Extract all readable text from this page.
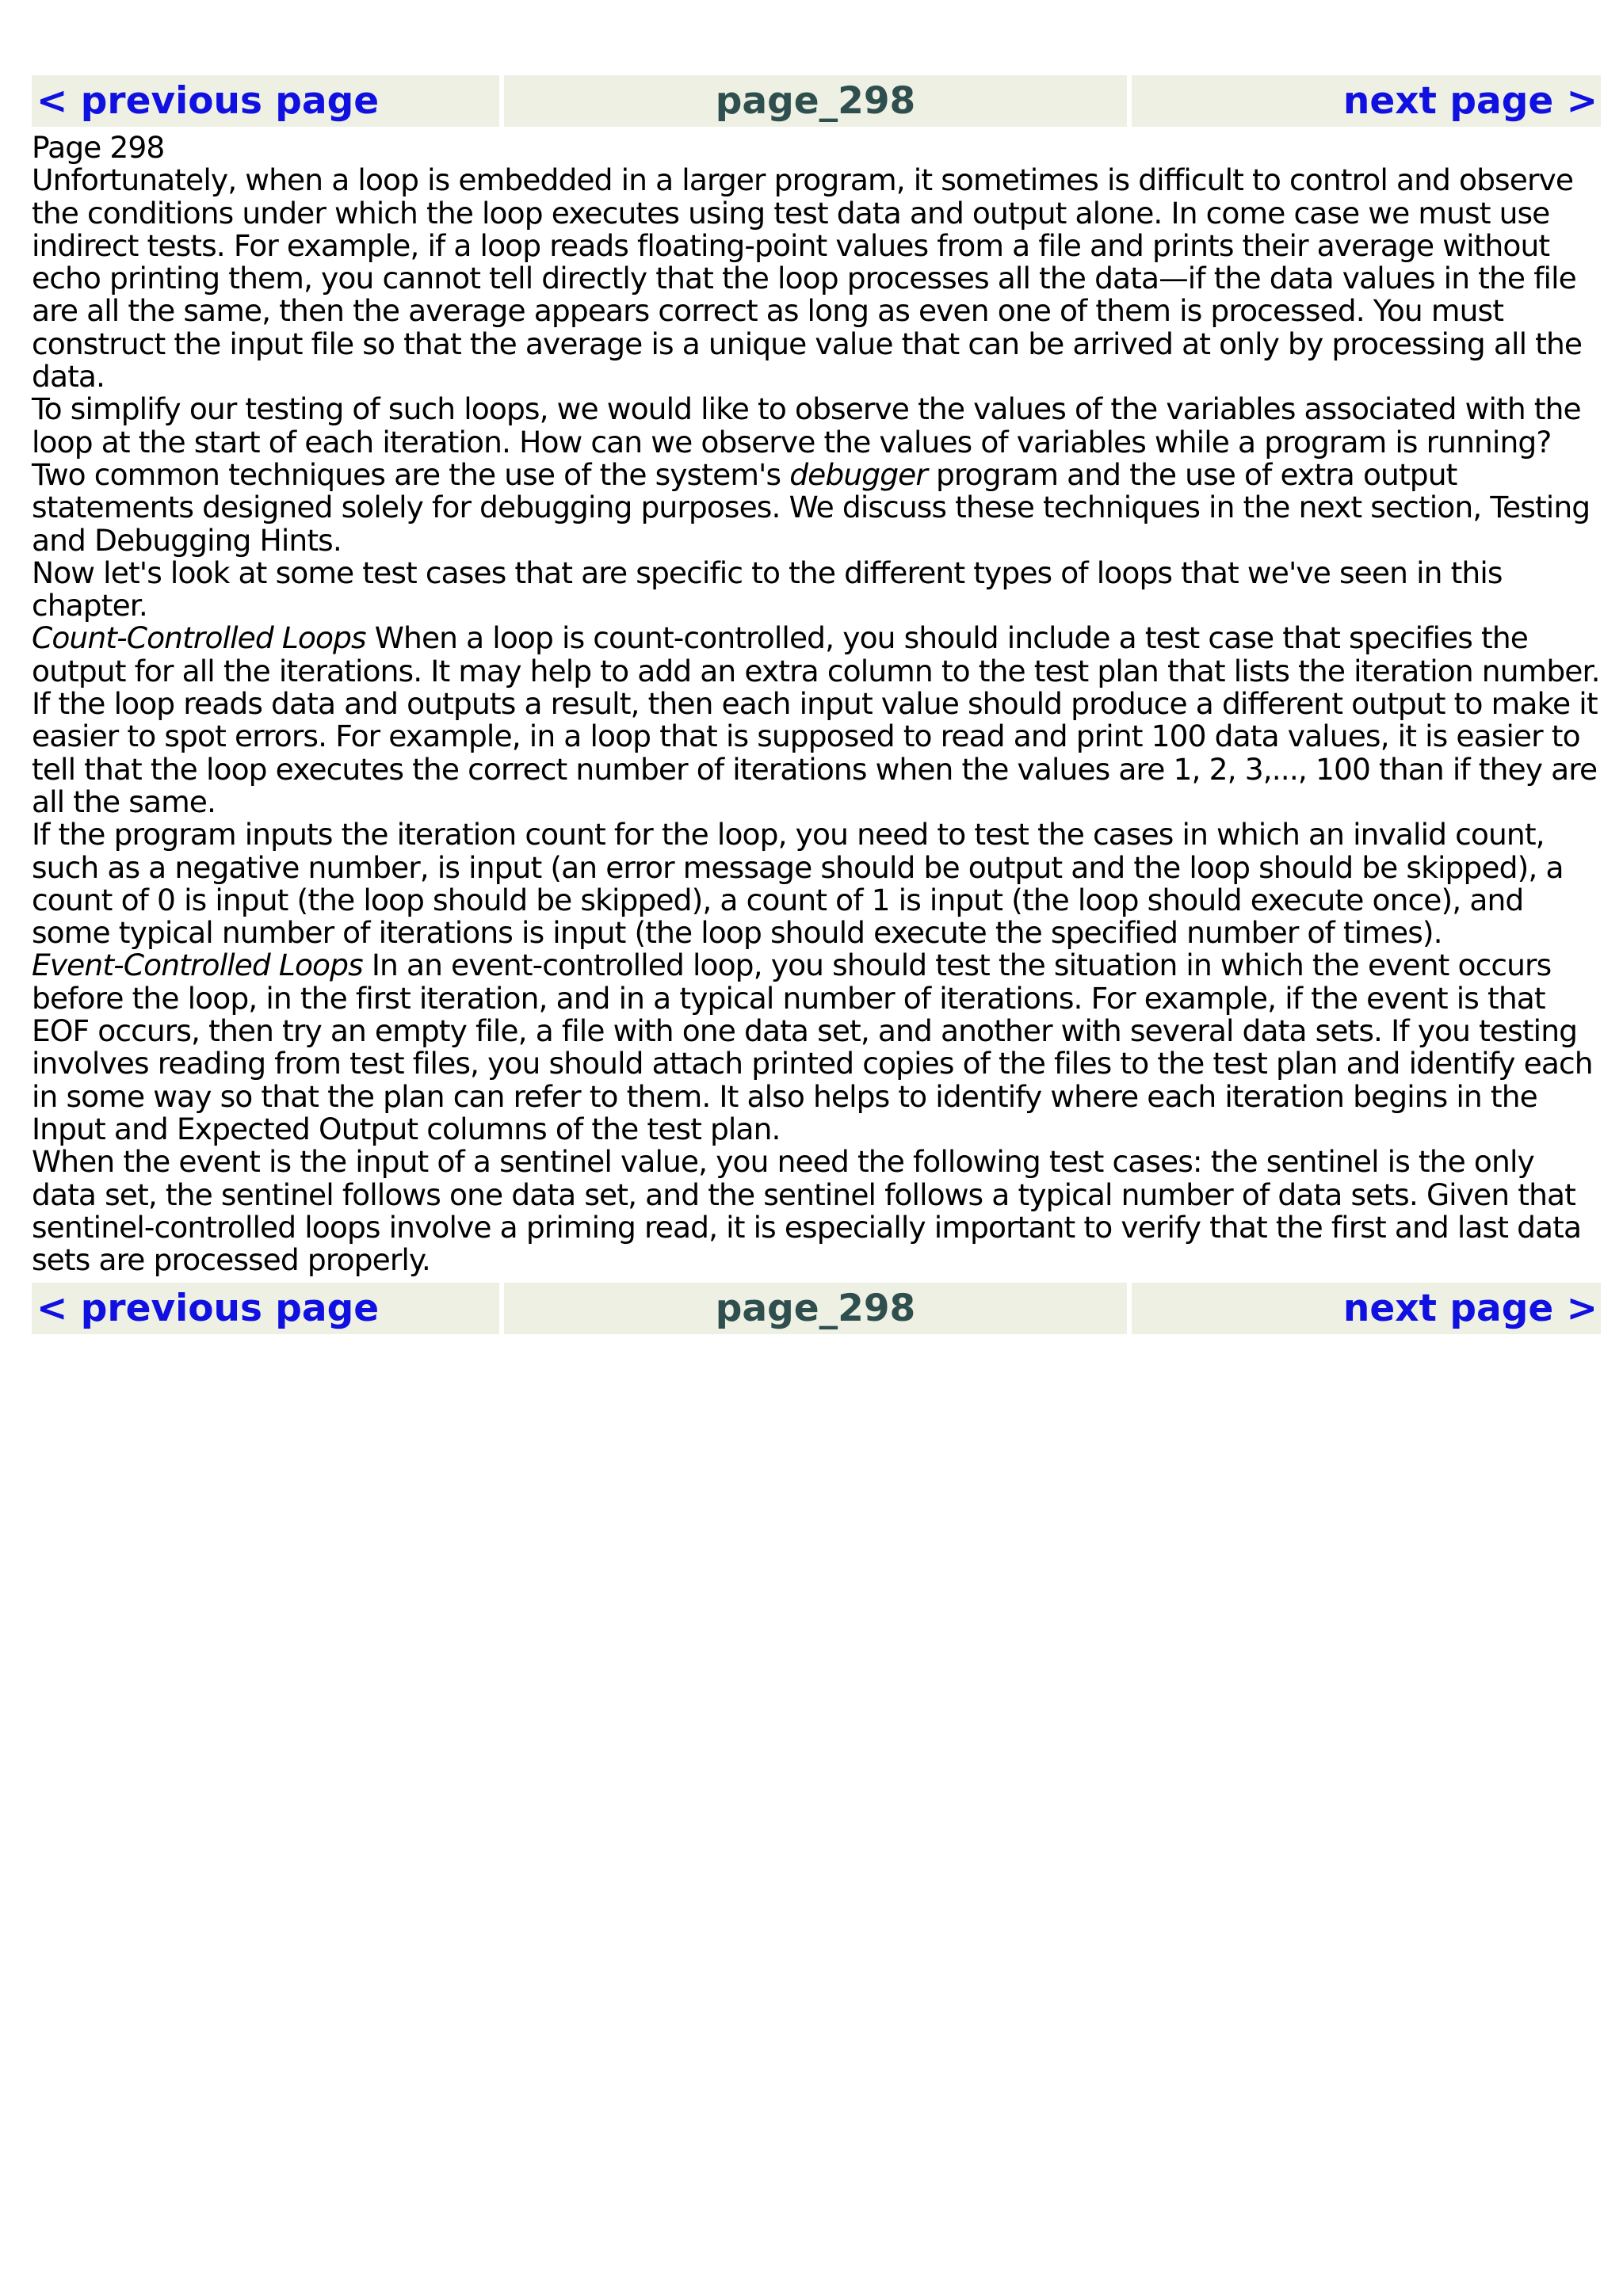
< previous page	page_298	next page >

Page 298

Unfortunately, when a loop is embedded in a larger program, it sometimes is difficult to control and observe the conditions under which the loop executes using test data and output alone. In come case we must use indirect tests. For example, if a loop reads floating-point values from a file and prints their average without echo printing them, you cannot tell directly that the loop processes all the data—if the data values in the file are all the same, then the average appears correct as long as even one of them is processed. You must construct the input file so that the average is a unique value that can be arrived at only by processing all the data.

To simplify our testing of such loops, we would like to observe the values of the variables associated with the loop at the start of each iteration. How can we observe the values of variables while a program is running? Two common techniques are the use of the system's debugger program and the use of extra output statements designed solely for debugging purposes. We discuss these techniques in the next section, Testing and Debugging Hints.

Now let's look at some test cases that are specific to the different types of loops that we've seen in this chapter.

Count-Controlled Loops When a loop is count-controlled, you should include a test case that specifies the output for all the iterations. It may help to add an extra column to the test plan that lists the iteration number. If the loop reads data and outputs a result, then each input value should produce a different output to make it easier to spot errors. For example, in a loop that is supposed to read and print 100 data values, it is easier to tell that the loop executes the correct number of iterations when the values are 1, 2, 3,..., 100 than if they are all the same.

If the program inputs the iteration count for the loop, you need to test the cases in which an invalid count, such as a negative number, is input (an error message should be output and the loop should be skipped), a count of 0 is input (the loop should be skipped), a count of 1 is input (the loop should execute once), and some typical number of iterations is input (the loop should execute the specified number of times).

Event-Controlled Loops In an event-controlled loop, you should test the situation in which the event occurs before the loop, in the first iteration, and in a typical number of iterations. For example, if the event is that EOF occurs, then try an empty file, a file with one data set, and another with several data sets. If you testing involves reading from test files, you should attach printed copies of the files to the test plan and identify each in some way so that the plan can refer to them. It also helps to identify where each iteration begins in the Input and Expected Output columns of the test plan.

When the event is the input of a sentinel value, you need the following test cases: the sentinel is the only data set, the sentinel follows one data set, and the sentinel follows a typical number of data sets. Given that sentinel-controlled loops involve a priming read, it is especially important to verify that the first and last data sets are processed properly.

< previous page	page_298	next page >
